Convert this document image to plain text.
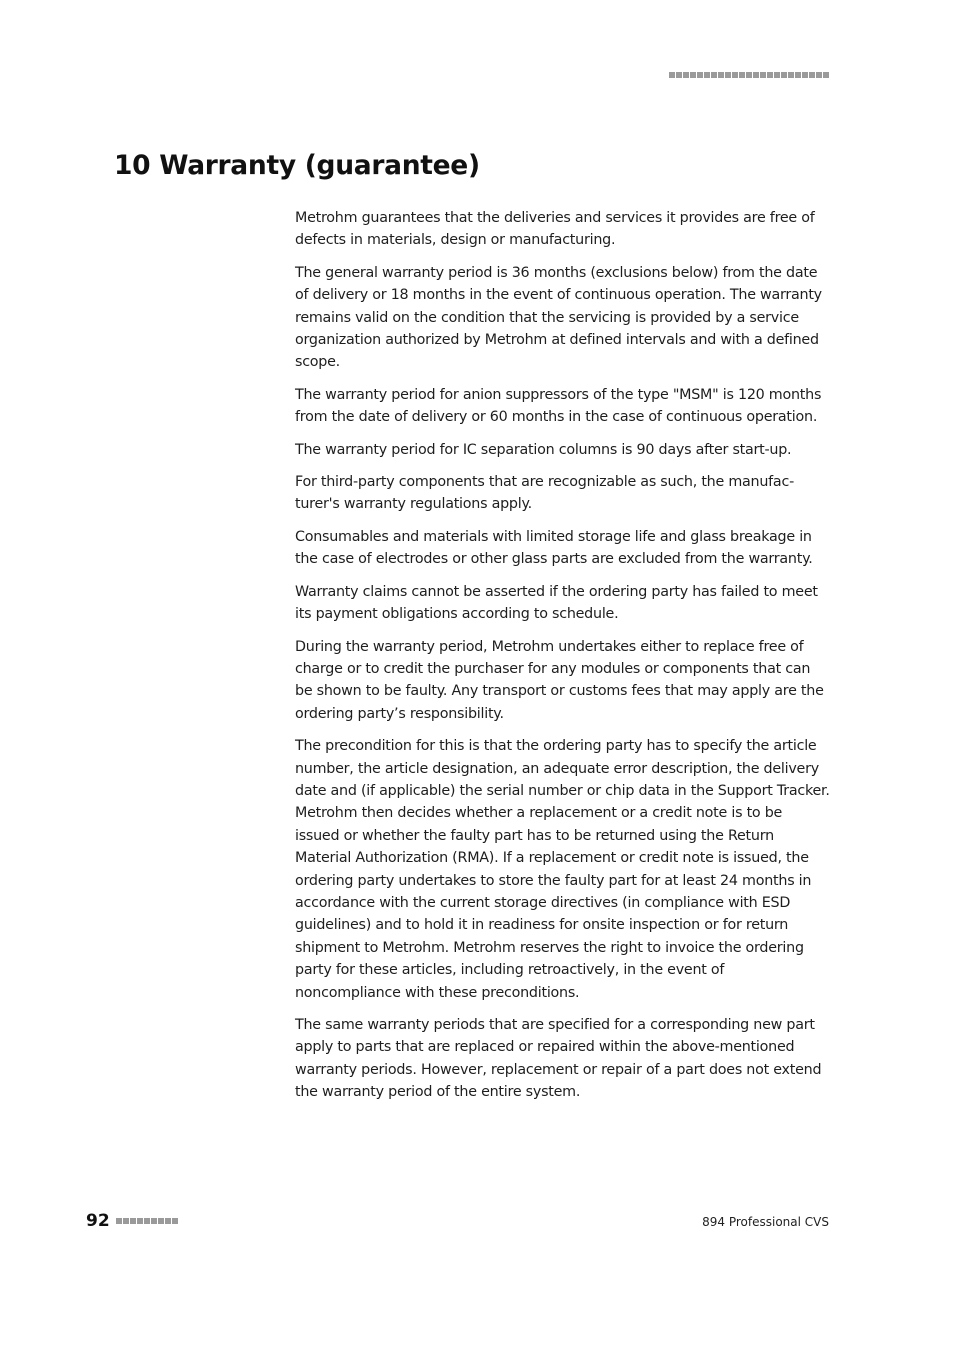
10 Warranty (guarantee)

Metrohm guarantees that the deliveries and services it provides are free of defects in materials, design or manufacturing.

The general warranty period is 36 months (exclusions below) from the date of delivery or 18 months in the event of continuous operation. The warranty remains valid on the condition that the servicing is provided by a service organization authorized by Metrohm at defined intervals and with a defined scope.

The warranty period for anion suppressors of the type "MSM" is 120 months from the date of delivery or 60 months in the case of continuous operation.

The warranty period for IC separation columns is 90 days after start-up.

For third-party components that are recognizable as such, the manufacturer's warranty regulations apply.

Consumables and materials with limited storage life and glass breakage in the case of electrodes or other glass parts are excluded from the warranty.

Warranty claims cannot be asserted if the ordering party has failed to meet its payment obligations according to schedule.

During the warranty period, Metrohm undertakes either to replace free of charge or to credit the purchaser for any modules or components that can be shown to be faulty. Any transport or customs fees that may apply are the ordering party’s responsibility.

The precondition for this is that the ordering party has to specify the article number, the article designation, an adequate error description, the delivery date and (if applicable) the serial number or chip data in the Support Tracker. Metrohm then decides whether a replacement or a credit note is to be issued or whether the faulty part has to be returned using the Return Material Authorization (RMA). If a replacement or credit note is issued, the ordering party undertakes to store the faulty part for at least 24 months in accordance with the current storage directives (in compliance with ESD guidelines) and to hold it in readiness for onsite inspection or for return shipment to Metrohm. Metrohm reserves the right to invoice the ordering party for these articles, including retroactively, in the event of noncompliance with these preconditions.

The same warranty periods that are specified for a corresponding new part apply to parts that are replaced or repaired within the above-mentioned warranty periods. However, replacement or repair of a part does not extend the warranty period of the entire system.

92	894 Professional CVS
